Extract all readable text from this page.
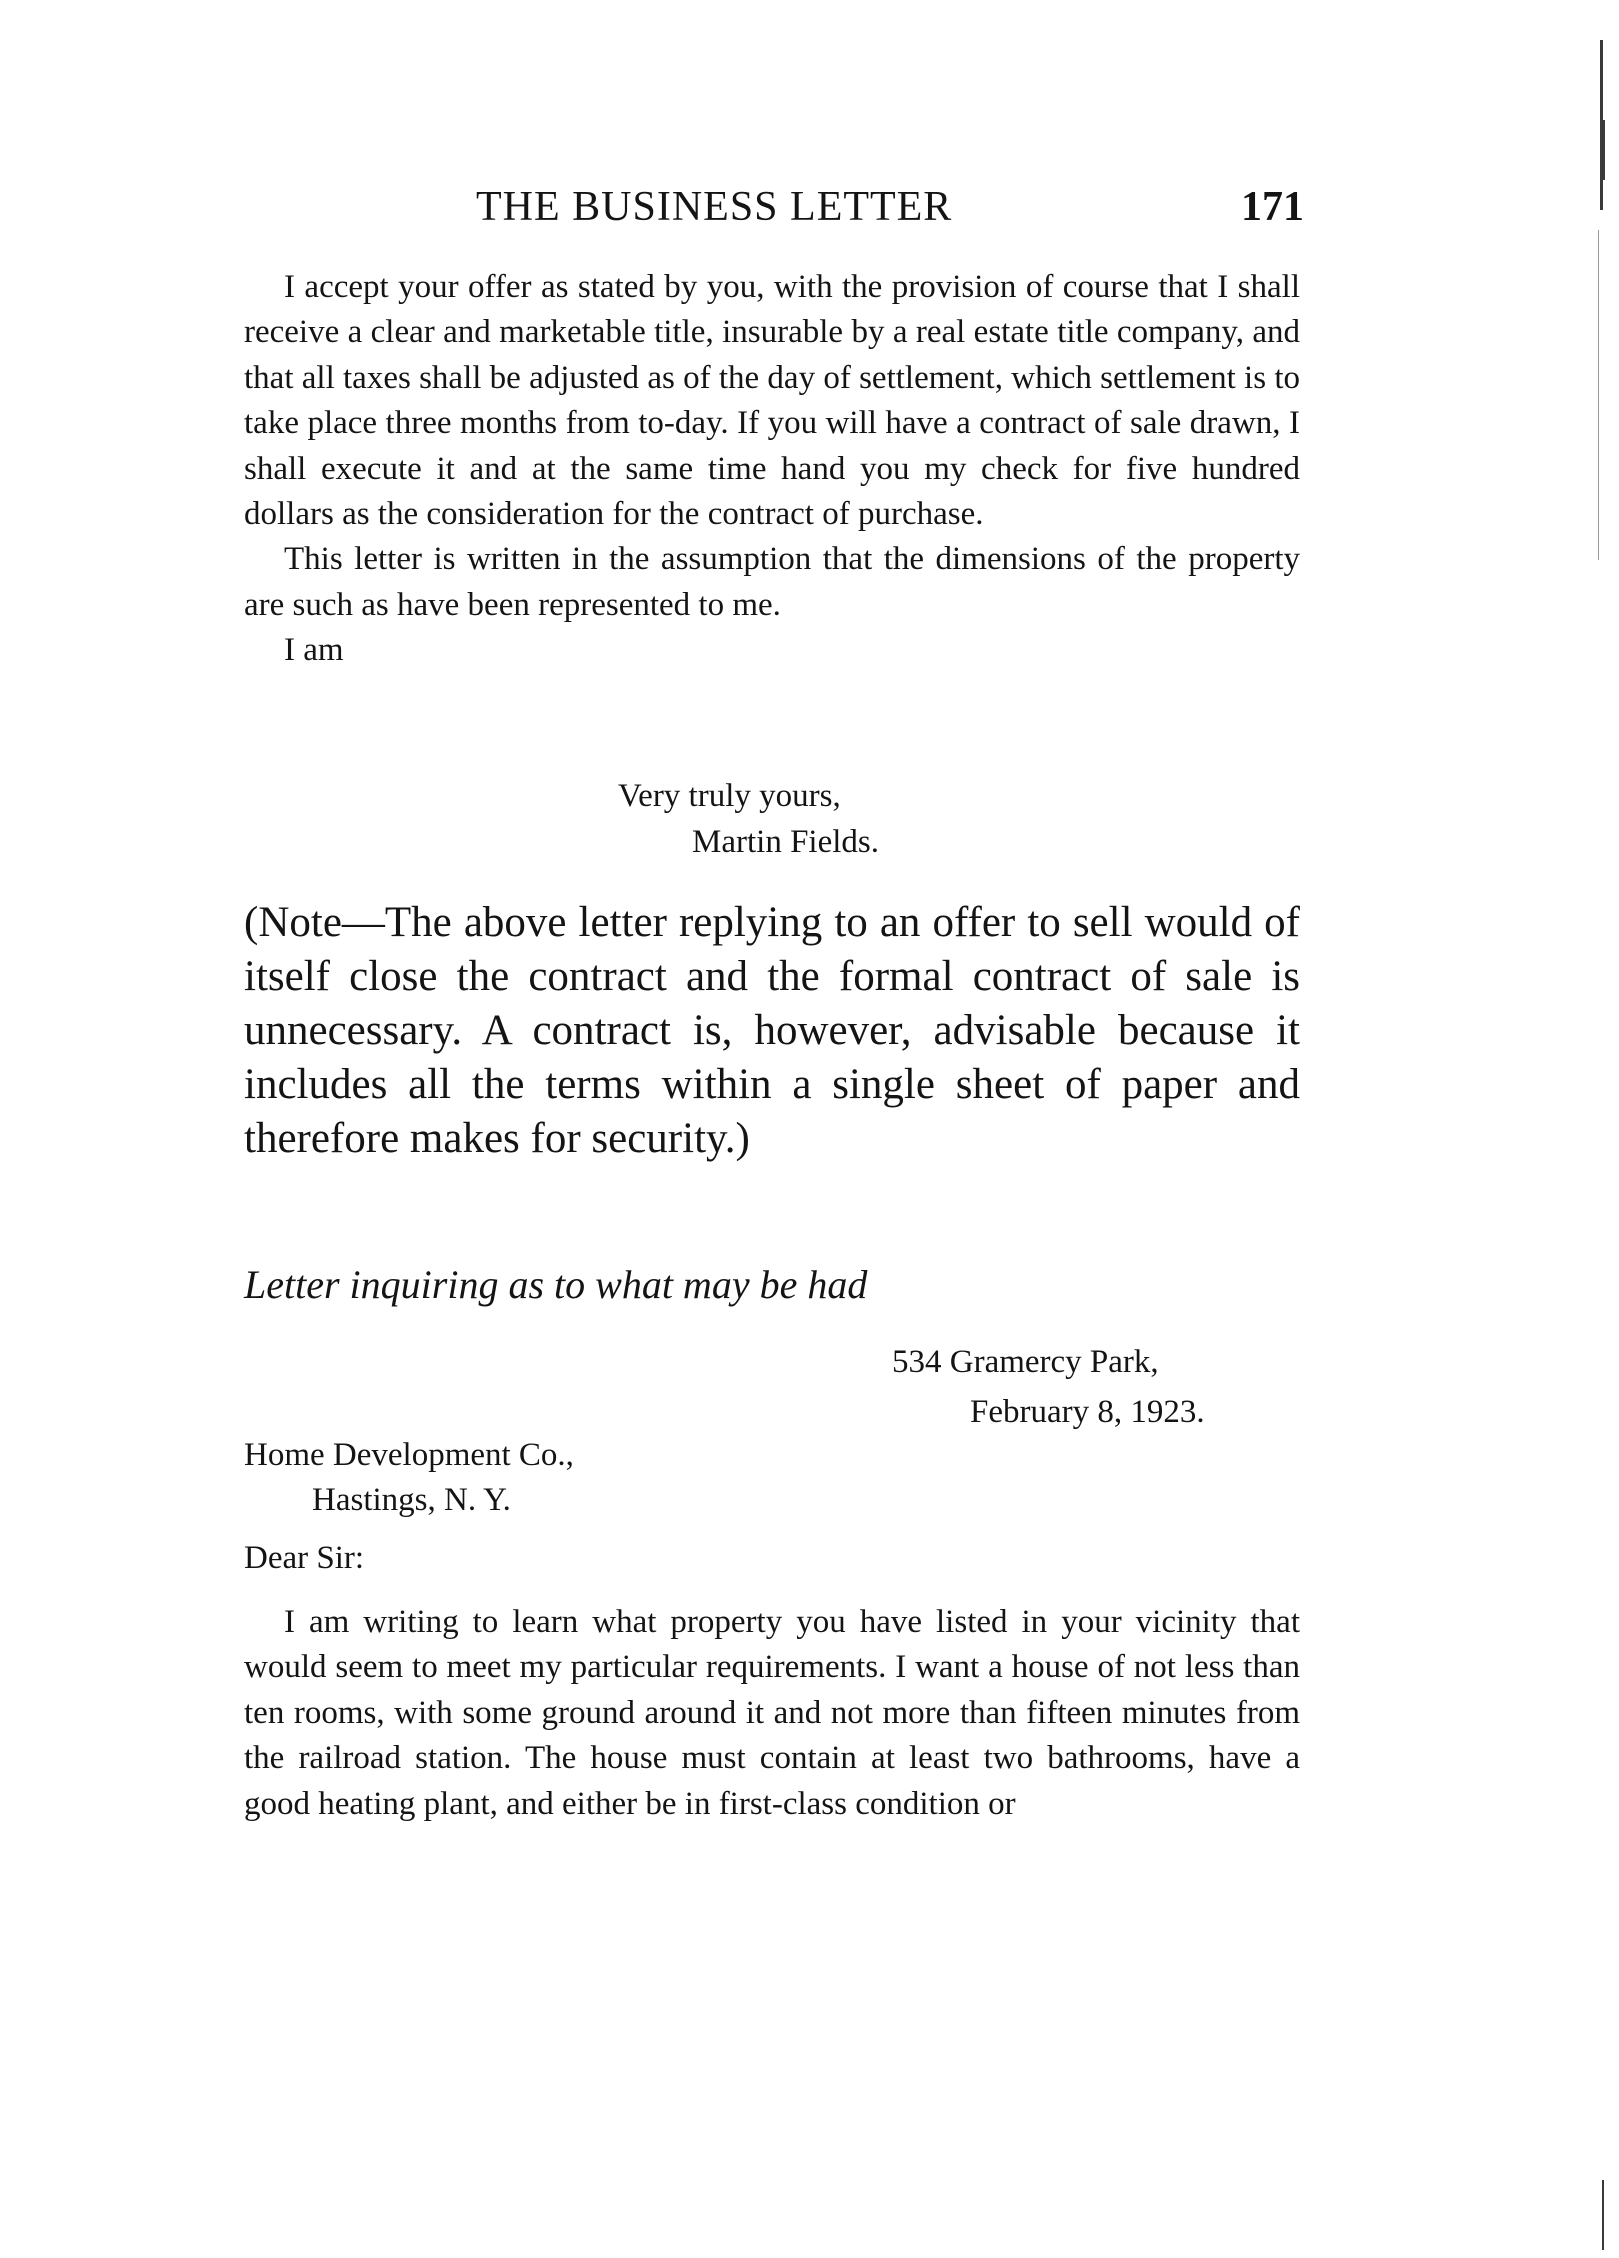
THE BUSINESS LETTER	171

I accept your offer as stated by you, with the provision of course that I shall receive a clear and marketable title, insurable by a real estate title company, and that all taxes shall be adjusted as of the day of settlement, which settlement is to take place three months from to-day. If you will have a contract of sale drawn, I shall execute it and at the same time hand you my check for five hundred dollars as the consideration for the contract of purchase.

This letter is written in the assumption that the dimensions of the property are such as have been represented to me.

I am

Very truly yours,
Martin Fields.
(Note—The above letter replying to an offer to sell would of itself close the contract and the formal contract of sale is unnecessary. A contract is, however, advisable because it includes all the terms within a single sheet of paper and therefore makes for security.)
Letter inquiring as to what may be had
534 Gramercy Park,
February 8, 1923.
Home Development Co.,
Hastings, N. Y.
Dear Sir:

I am writing to learn what property you have listed in your vicinity that would seem to meet my particular requirements. I want a house of not less than ten rooms, with some ground around it and not more than fifteen minutes from the railroad station. The house must contain at least two bathrooms, have a good heating plant, and either be in first-class condition or
